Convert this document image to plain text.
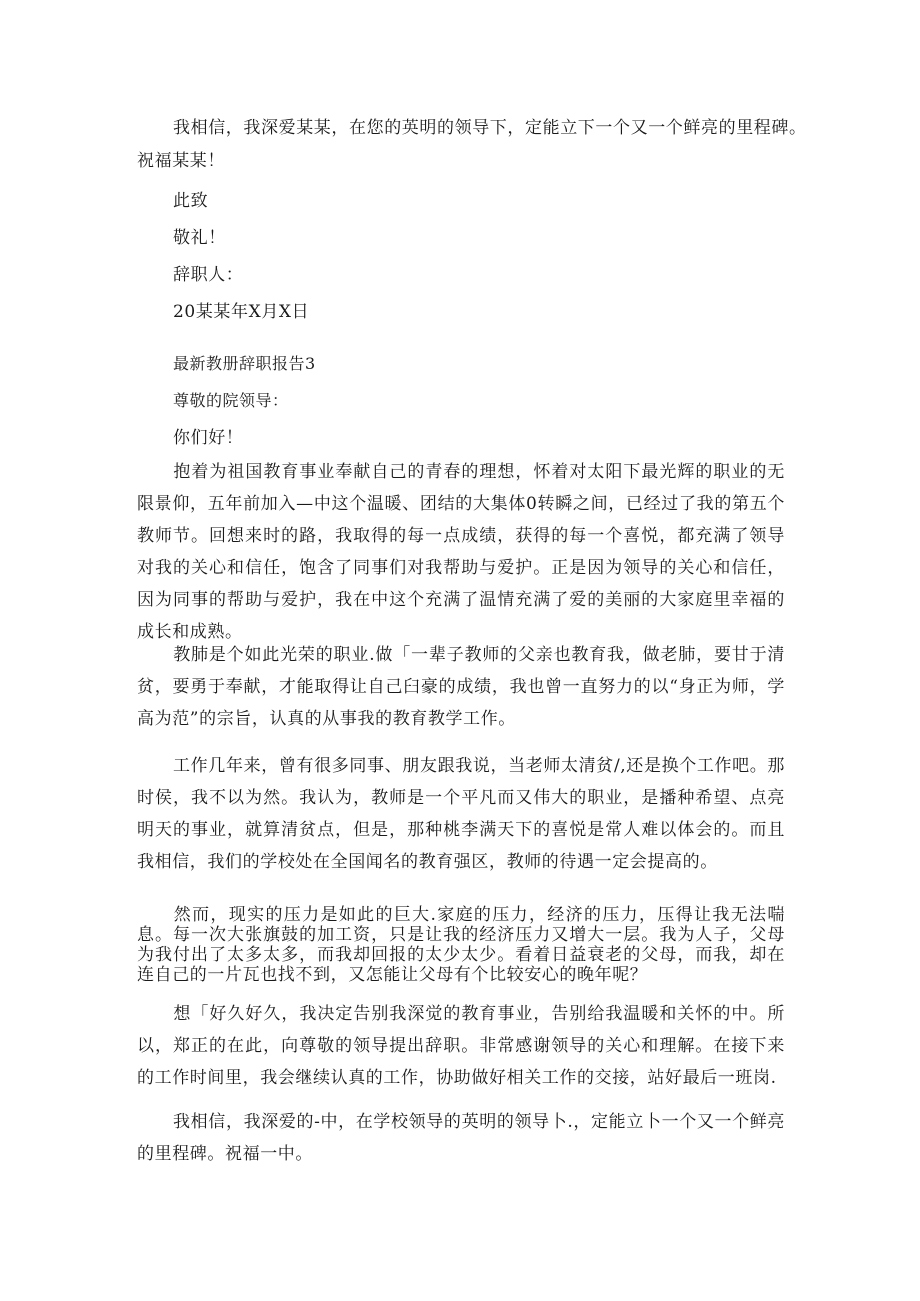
我相信，我深爱某某，在您的英明的领导下，定能立下一个又一个鲜亮的里程碑。
祝福某某！
此致
敬礼！
辞职人：
20某某年X月X日
最新教册辞职报告3
尊敬的院领导：
你们好！
抱着为祖国教育事业奉献自己的青春的理想，怀着对太阳下最光辉的职业的无限景仰，五年前加入—中这个温暖、团结的大集体0转瞬之间，已经过了我的第五个教师节。回想来时的路，我取得的每一点成绩，获得的每一个喜悦，都充满了领导对我的关心和信任，饱含了同事们对我帮助与爱护。正是因为领导的关心和信任，因为同事的帮助与爱护，我在中这个充满了温情充满了爱的美丽的大家庭里幸福的成长和成熟。
教肺是个如此光荣的职业.做「一辈子教师的父亲也教育我，做老肺，要甘于清贫，要勇于奉献，才能取得让自己臼豪的成绩，我也曾一直努力的以“身正为师，学高为范”的宗旨，认真的从事我的教育教学工作。
工作几年来，曾有很多同事、朋友跟我说，当老师太清贫/,还是换个工作吧。那时侯，我不以为然。我认为，教师是一个平凡而又伟大的职业，是播种希望、点亮明天的事业，就算清贫点，但是，那种桃李满天下的喜悦是常人难以体会的。而且我相信，我们的学校处在全国闻名的教育强区，教师的待遇一定会提高的。
然而，现实的压力是如此的巨大.家庭的压力，经济的压力，压得让我无法喘息。每一次大张旗鼓的加工资，只是让我的经济压力又增大一层。我为人子，父母为我付出了太多太多，而我却回报的太少太少。看着日益衰老的父母，而我，却在连自己的一片瓦也找不到，又怎能让父母有个比较安心的晚年呢？
想「好久好久，我决定告别我深觉的教育事业，告别给我温暖和关怀的中。所以，郑正的在此，向尊敬的领导提出辞职。非常感谢领导的关心和理解。在接下来的工作时间里，我会继续认真的工作，协助做好相关工作的交接，站好最后一班岗.
我相信，我深爱的-中，在学校领导的英明的领导卜.，定能立卜一个又一个鲜亮的里程碑。祝福一中。
